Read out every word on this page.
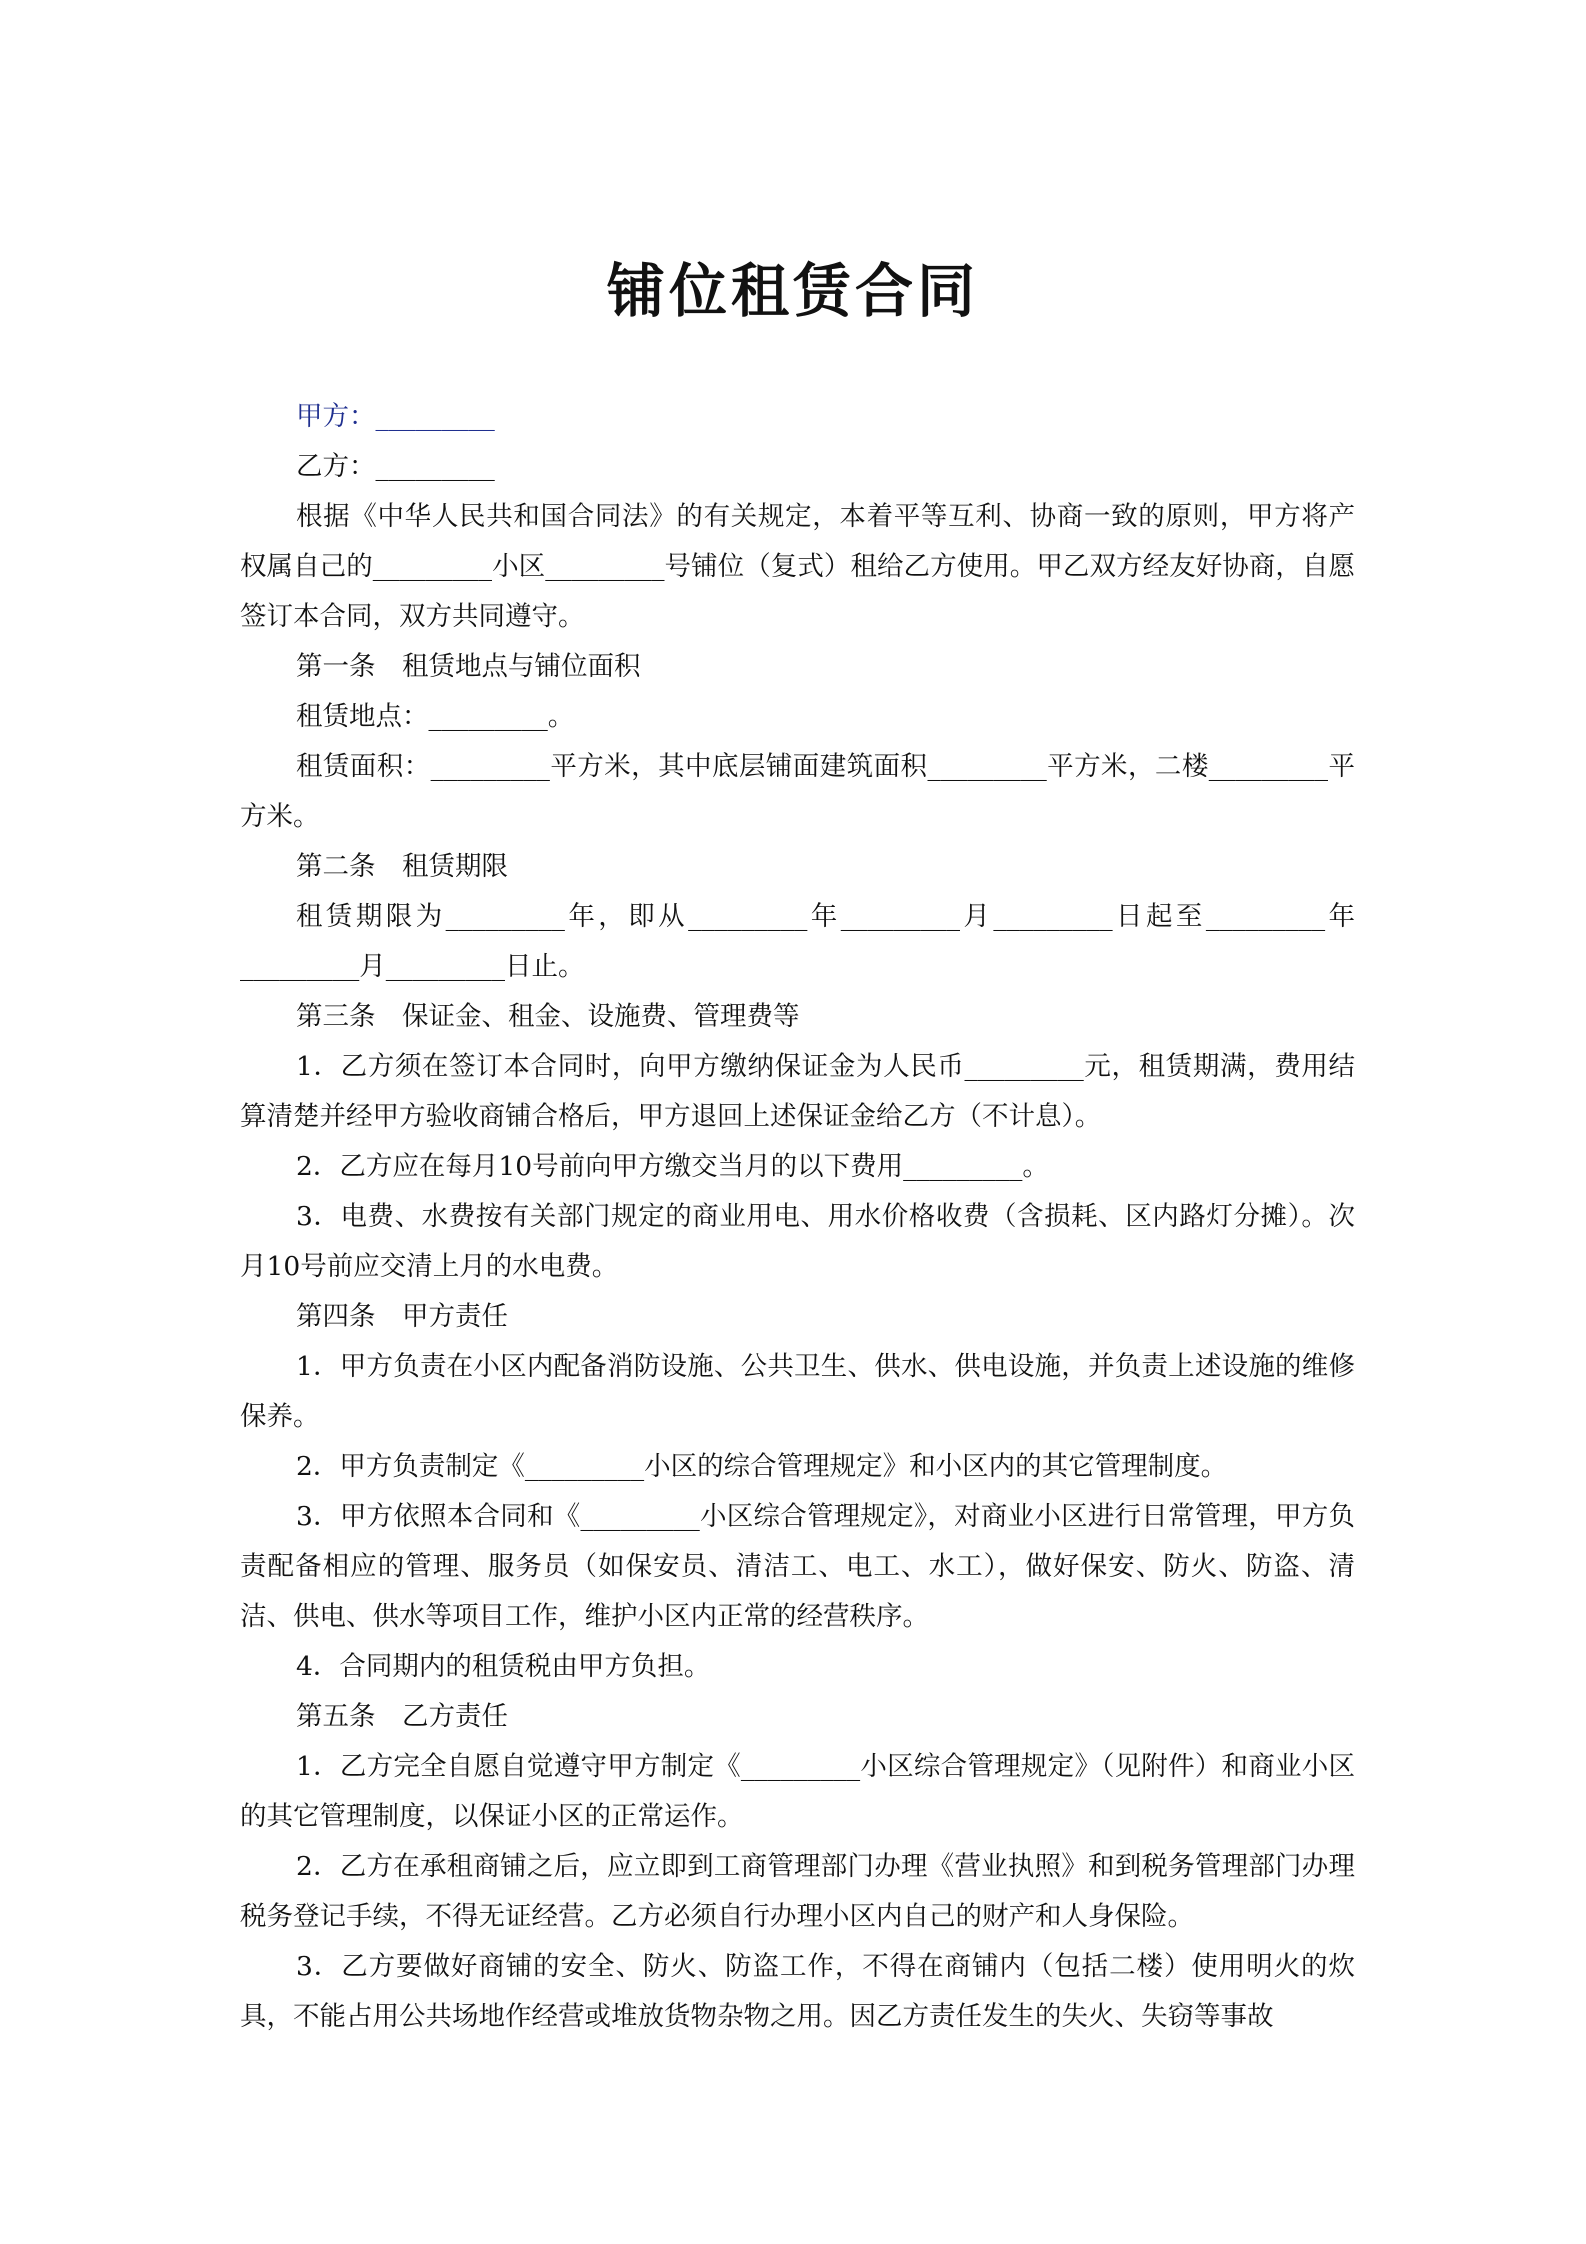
铺位租赁合同

甲方：_________

乙方：_________

根据《中华人民共和国合同法》的有关规定，本着平等互利、协商一致的原则，甲方将产权属自己的_________小区_________号铺位（复式）租给乙方使用。甲乙双方经友好协商，自愿签订本合同，双方共同遵守。

第一条　租赁地点与铺位面积

租赁地点：_________。

租赁面积：_________平方米，其中底层铺面建筑面积_________平方米，二楼_________平方米。

第二条　租赁期限

租赁期限为_________年，即从_________年_________月_________日起至_________年_________月_________日止。

第三条　保证金、租金、设施费、管理费等

1．乙方须在签订本合同时，向甲方缴纳保证金为人民币_________元，租赁期满，费用结算清楚并经甲方验收商铺合格后，甲方退回上述保证金给乙方（不计息）。

2．乙方应在每月10号前向甲方缴交当月的以下费用_________。

3．电费、水费按有关部门规定的商业用电、用水价格收费（含损耗、区内路灯分摊）。次月10号前应交清上月的水电费。

第四条　甲方责任

1．甲方负责在小区内配备消防设施、公共卫生、供水、供电设施，并负责上述设施的维修保养。

2．甲方负责制定《_________小区的综合管理规定》和小区内的其它管理制度。

3．甲方依照本合同和《_________小区综合管理规定》，对商业小区进行日常管理，甲方负责配备相应的管理、服务员（如保安员、清洁工、电工、水工），做好保安、防火、防盗、清洁、供电、供水等项目工作，维护小区内正常的经营秩序。

4．合同期内的租赁税由甲方负担。

第五条　乙方责任

1．乙方完全自愿自觉遵守甲方制定《_________小区综合管理规定》（见附件）和商业小区的其它管理制度，以保证小区的正常运作。

2．乙方在承租商铺之后，应立即到工商管理部门办理《营业执照》和到税务管理部门办理税务登记手续，不得无证经营。乙方必须自行办理小区内自己的财产和人身保险。

3．乙方要做好商铺的安全、防火、防盗工作，不得在商铺内（包括二楼）使用明火的炊具，不能占用公共场地作经营或堆放货物杂物之用。因乙方责任发生的失火、失窃等事故
